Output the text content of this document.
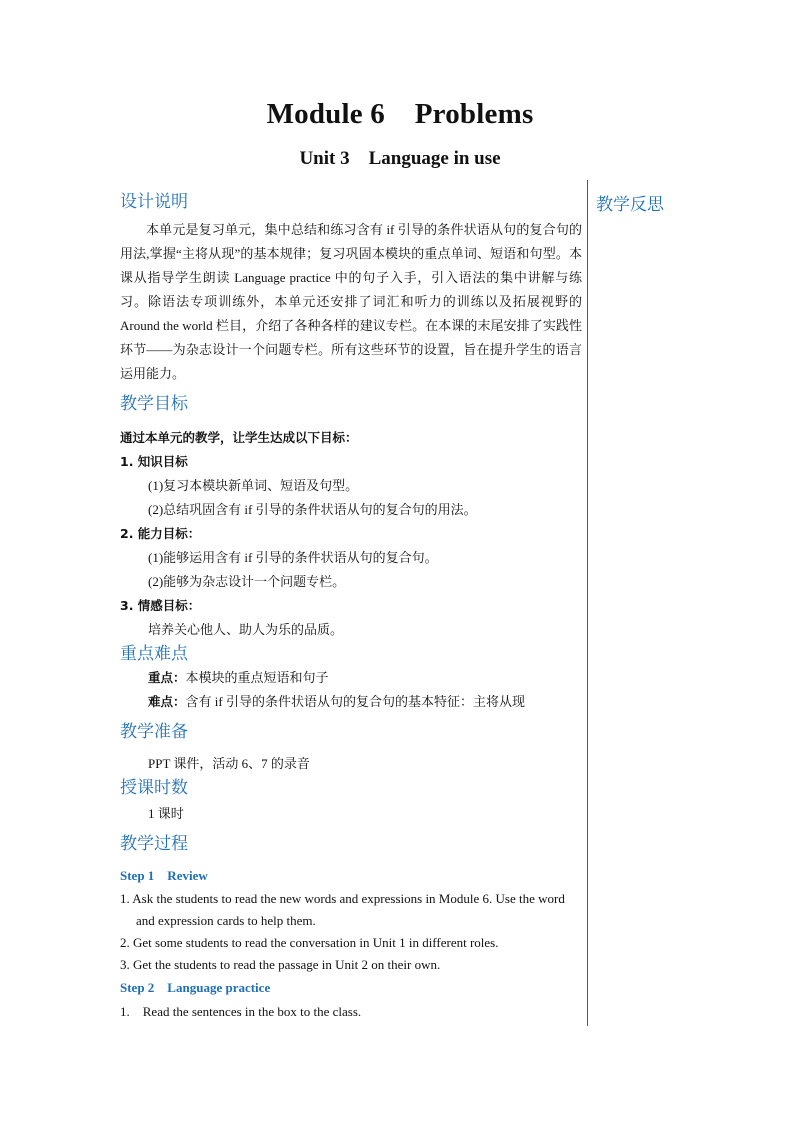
Module 6    Problems
Unit 3    Language in use
教学反思
设计说明

本单元是复习单元，集中总结和练习含有 if 引导的条件状语从句的复合句的用法,掌握“主将从现”的基本规律；复习巩固本模块的重点单词、短语和句型。本课从指导学生朗读 Language practice 中的句子入手，引入语法的集中讲解与练习。除语法专项训练外，本单元还安排了词汇和听力的训练以及拓展视野的 Around the world 栏目，介绍了各种各样的建议专栏。在本课的末尾安排了实践性环节——为杂志设计一个问题专栏。所有这些环节的设置，旨在提升学生的语言运用能力。

教学目标

通过本单元的教学，让学生达成以下目标：

1. 知识目标

(1)复习本模块新单词、短语及句型。

(2)总结巩固含有 if 引导的条件状语从句的复合句的用法。

2. 能力目标：

(1)能够运用含有 if 引导的条件状语从句的复合句。

(2)能够为杂志设计一个问题专栏。

3. 情感目标：

培养关心他人、助人为乐的品质。

重点难点

重点：本模块的重点短语和句子

难点：含有 if 引导的条件状语从句的复合句的基本特征：主将从现

教学准备

PPT 课件，活动 6、7 的录音

授课时数

1 课时

教学过程

Step 1    Review

1. Ask the students to read the new words and expressions in Module 6. Use the word and expression cards to help them.

2. Get some students to read the conversation in Unit 1 in different roles.

3. Get the students to read the passage in Unit 2 on their own.

Step 2    Language practice

1.    Read the sentences in the box to the class.
